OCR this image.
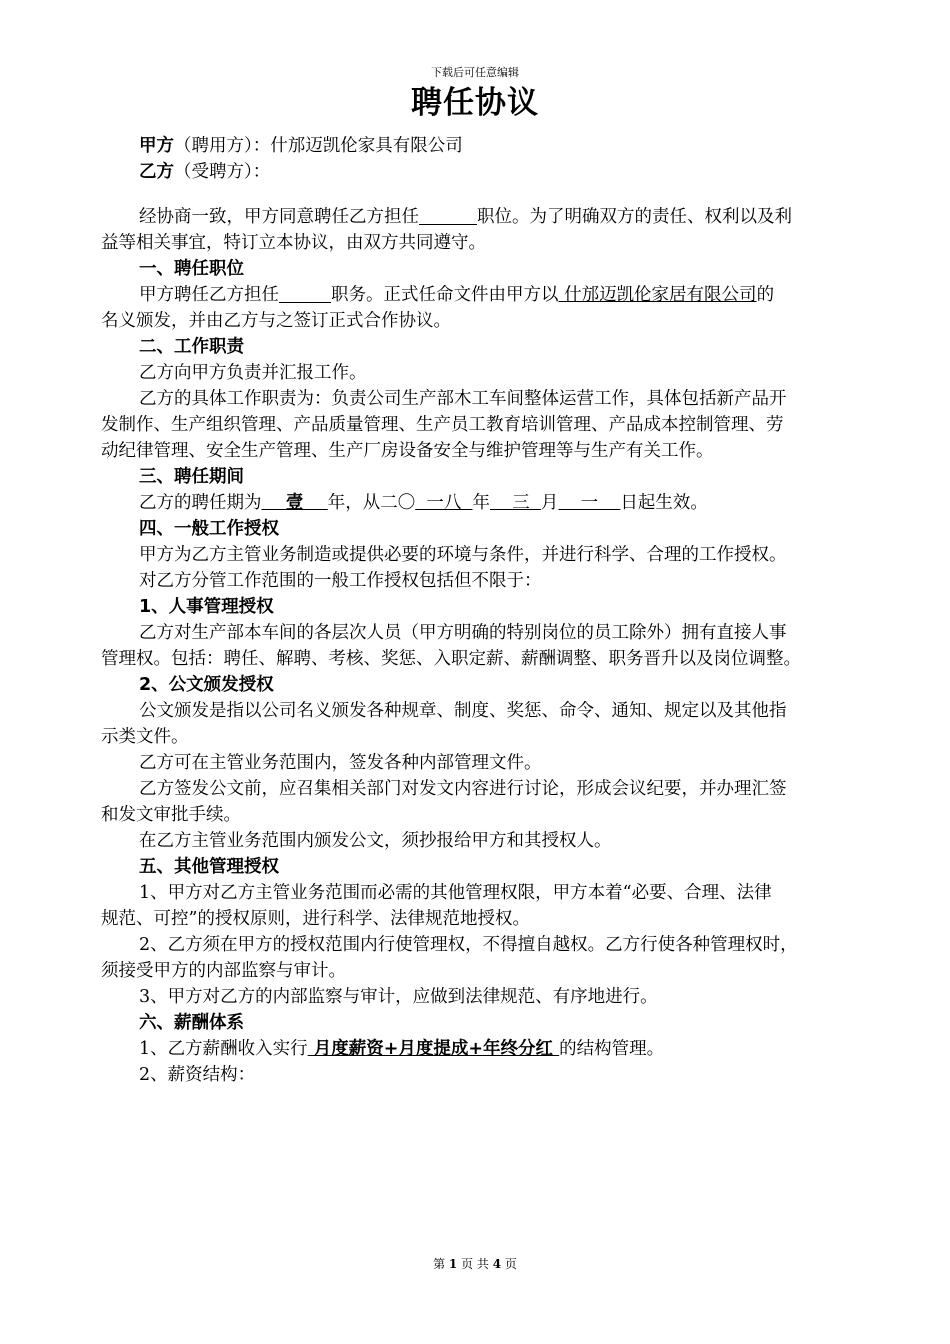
下载后可任意编辑
聘任协议
甲方（聘用方）：什邡迈凯伦家具有限公司
乙方（受聘方）：
经协商一致，甲方同意聘任乙方担任	职位。为了明确双方的责任、权利以及利
益等相关事宜，特订立本协议，由双方共同遵守。
一、聘任职位
甲方聘任乙方担任	职务。正式任命文件由甲方以 什邡迈凯伦家居有限公司的
名义颁发，并由乙方与之签订正式合作协议。
二、工作职责
乙方向甲方负责并汇报工作。
乙方的具体工作职责为：负责公司生产部木工车间整体运营工作，具体包括新产品开
发制作、生产组织管理、产品质量管理、生产员工教育培训管理、产品成本控制管理、劳
动纪律管理、安全生产管理、生产厂房设备安全与维护管理等与生产有关工作。
三、聘任期间
乙方的聘任期为    壹    年，从二〇  一八  年    三  月    一    日起生效。
四、一般工作授权
甲方为乙方主管业务制造或提供必要的环境与条件，并进行科学、合理的工作授权。
对乙方分管工作范围的一般工作授权包括但不限于：
1、人事管理授权
乙方对生产部本车间的各层次人员（甲方明确的特别岗位的员工除外）拥有直接人事
管理权。包括：聘任、解聘、考核、奖惩、入职定薪、薪酬调整、职务晋升以及岗位调整。
2、公文颁发授权
公文颁发是指以公司名义颁发各种规章、制度、奖惩、命令、通知、规定以及其他指
示类文件。
乙方可在主管业务范围内，签发各种内部管理文件。
乙方签发公文前，应召集相关部门对发文内容进行讨论，形成会议纪要，并办理汇签
和发文审批手续。
在乙方主管业务范围内颁发公文，须抄报给甲方和其授权人。
五、其他管理授权
1、甲方对乙方主管业务范围而必需的其他管理权限，甲方本着“必要、合理、法律
规范、可控”的授权原则，进行科学、法律规范地授权。
2、乙方须在甲方的授权范围内行使管理权，不得擅自越权。乙方行使各种管理权时，
须接受甲方的内部监察与审计。
3、甲方对乙方的内部监察与审计，应做到法律规范、有序地进行。
六、薪酬体系
1、乙方薪酬收入实行 月度薪资+月度提成+年终分红 的结构管理。
2、薪资结构：
第 1 页 共 4 页
